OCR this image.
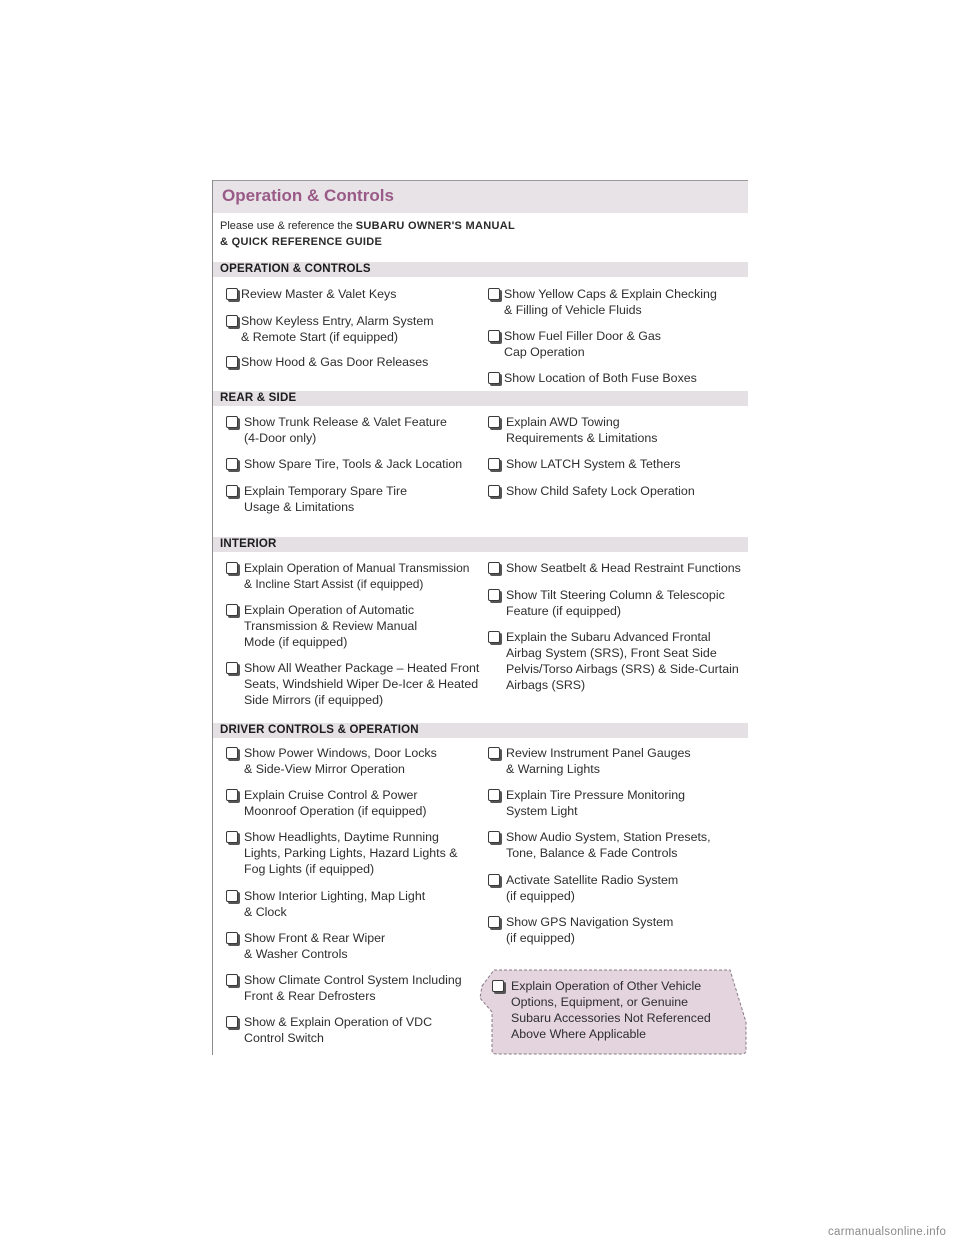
Operation & Controls
Please use & reference the SUBARU OWNER'S MANUAL
& QUICK REFERENCE GUIDE
OPERATION & CONTROLS
Review Master & Valet Keys
Show Keyless Entry, Alarm System
& Remote Start (if equipped)
Show Hood & Gas Door Releases
Show Yellow Caps & Explain Checking
& Filling of Vehicle Fluids
Show Fuel Filler Door & Gas
Cap Operation
Show Location of Both Fuse Boxes
REAR & SIDE
Show Trunk Release & Valet Feature
(4-Door only)
Show Spare Tire, Tools & Jack Location
Explain Temporary Spare Tire
Usage & Limitations
Explain AWD Towing
Requirements & Limitations
Show LATCH System & Tethers
Show Child Safety Lock Operation
INTERIOR
Explain Operation of Manual Transmission
& Incline Start Assist (if equipped)
Explain Operation of Automatic
Transmission & Review Manual
Mode (if equipped)
Show All Weather Package – Heated Front
Seats, Windshield Wiper De-Icer & Heated
Side Mirrors (if equipped)
Show Seatbelt & Head Restraint Functions
Show Tilt Steering Column & Telescopic
Feature (if equipped)
Explain the Subaru Advanced Frontal
Airbag System (SRS), Front Seat Side
Pelvis/Torso Airbags (SRS) & Side-Curtain
Airbags (SRS)
DRIVER CONTROLS & OPERATION
Show Power Windows, Door Locks
& Side-View Mirror Operation
Explain Cruise Control & Power
Moonroof Operation (if equipped)
Show Headlights, Daytime Running
Lights, Parking Lights, Hazard Lights &
Fog Lights (if equipped)
Show Interior Lighting, Map Light
& Clock
Show Front & Rear Wiper
& Washer Controls
Show Climate Control System Including
Front & Rear Defrosters
Show & Explain Operation of VDC
Control Switch
Review Instrument Panel Gauges
& Warning Lights
Explain Tire Pressure Monitoring
System Light
Show Audio System, Station Presets,
Tone, Balance & Fade Controls
Activate Satellite Radio System
(if equipped)
Show GPS Navigation System
(if equipped)
Explain Operation of Other Vehicle
Options, Equipment, or Genuine
Subaru Accessories Not Referenced
Above Where Applicable
carmanualsonline.info
